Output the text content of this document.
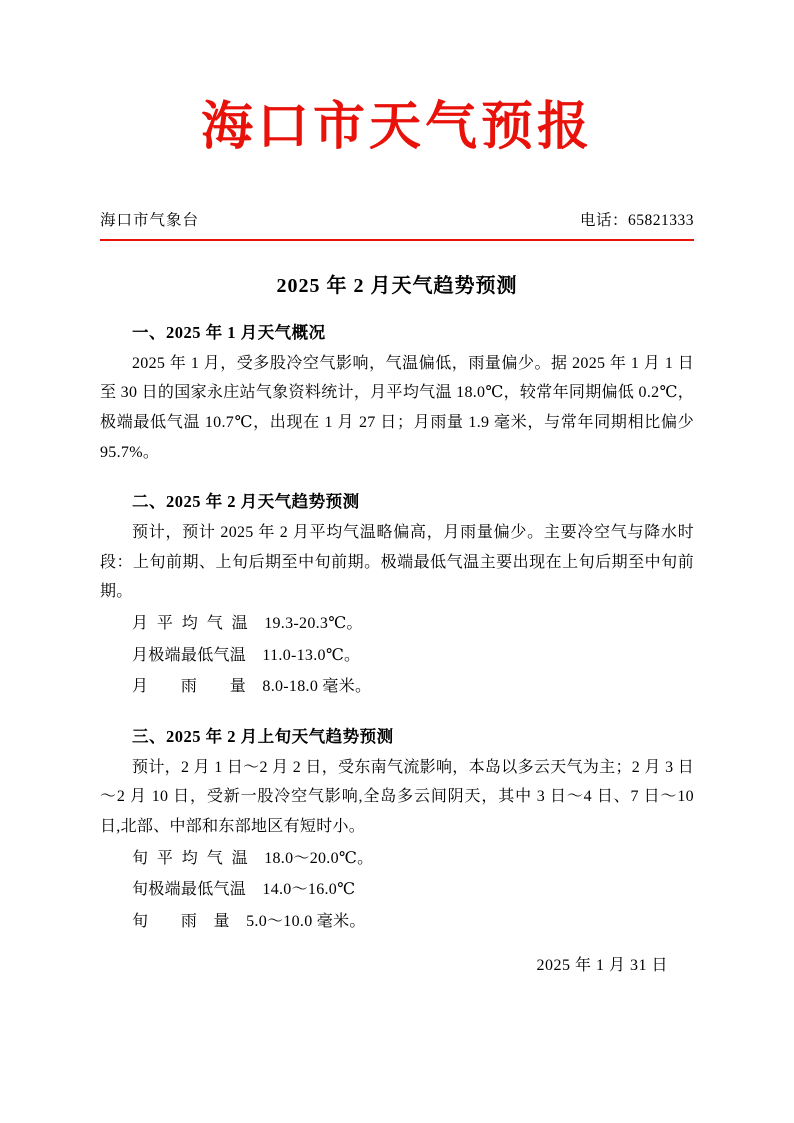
海口市天气预报
海口市气象台	电话：65821333
2025 年 2 月天气趋势预测
一、2025 年 1 月天气概况

2025 年 1 月，受多股冷空气影响，气温偏低，雨量偏少。据 2025 年 1 月 1 日至 30 日的国家永庄站气象资料统计，月平均气温 18.0℃，较常年同期偏低 0.2℃，极端最低气温 10.7℃，出现在 1 月 27 日；月雨量 1.9 毫米，与常年同期相比偏少 95.7%。

二、2025 年 2 月天气趋势预测

预计，预计 2025 年 2 月平均气温略偏高，月雨量偏少。主要冷空气与降水时段：上旬前期、上旬后期至中旬前期。极端最低气温主要出现在上旬后期至中旬前期。

月  平  均  气  温　19.3-20.3℃。

月极端最低气温　11.0-13.0℃。

月　　雨　　量　8.0-18.0 毫米。

三、2025 年 2 月上旬天气趋势预测

预计，2 月 1 日～2 月 2 日，受东南气流影响，本岛以多云天气为主；2 月 3 日～2 月 10 日，受新一股冷空气影响,全岛多云间阴天，其中 3 日～4 日、7 日～10 日,北部、中部和东部地区有短时小。

旬  平  均  气  温　18.0～20.0℃。

旬极端最低气温　14.0～16.0℃

旬　　雨　量　5.0～10.0 毫米。

2025 年 1 月 31 日
